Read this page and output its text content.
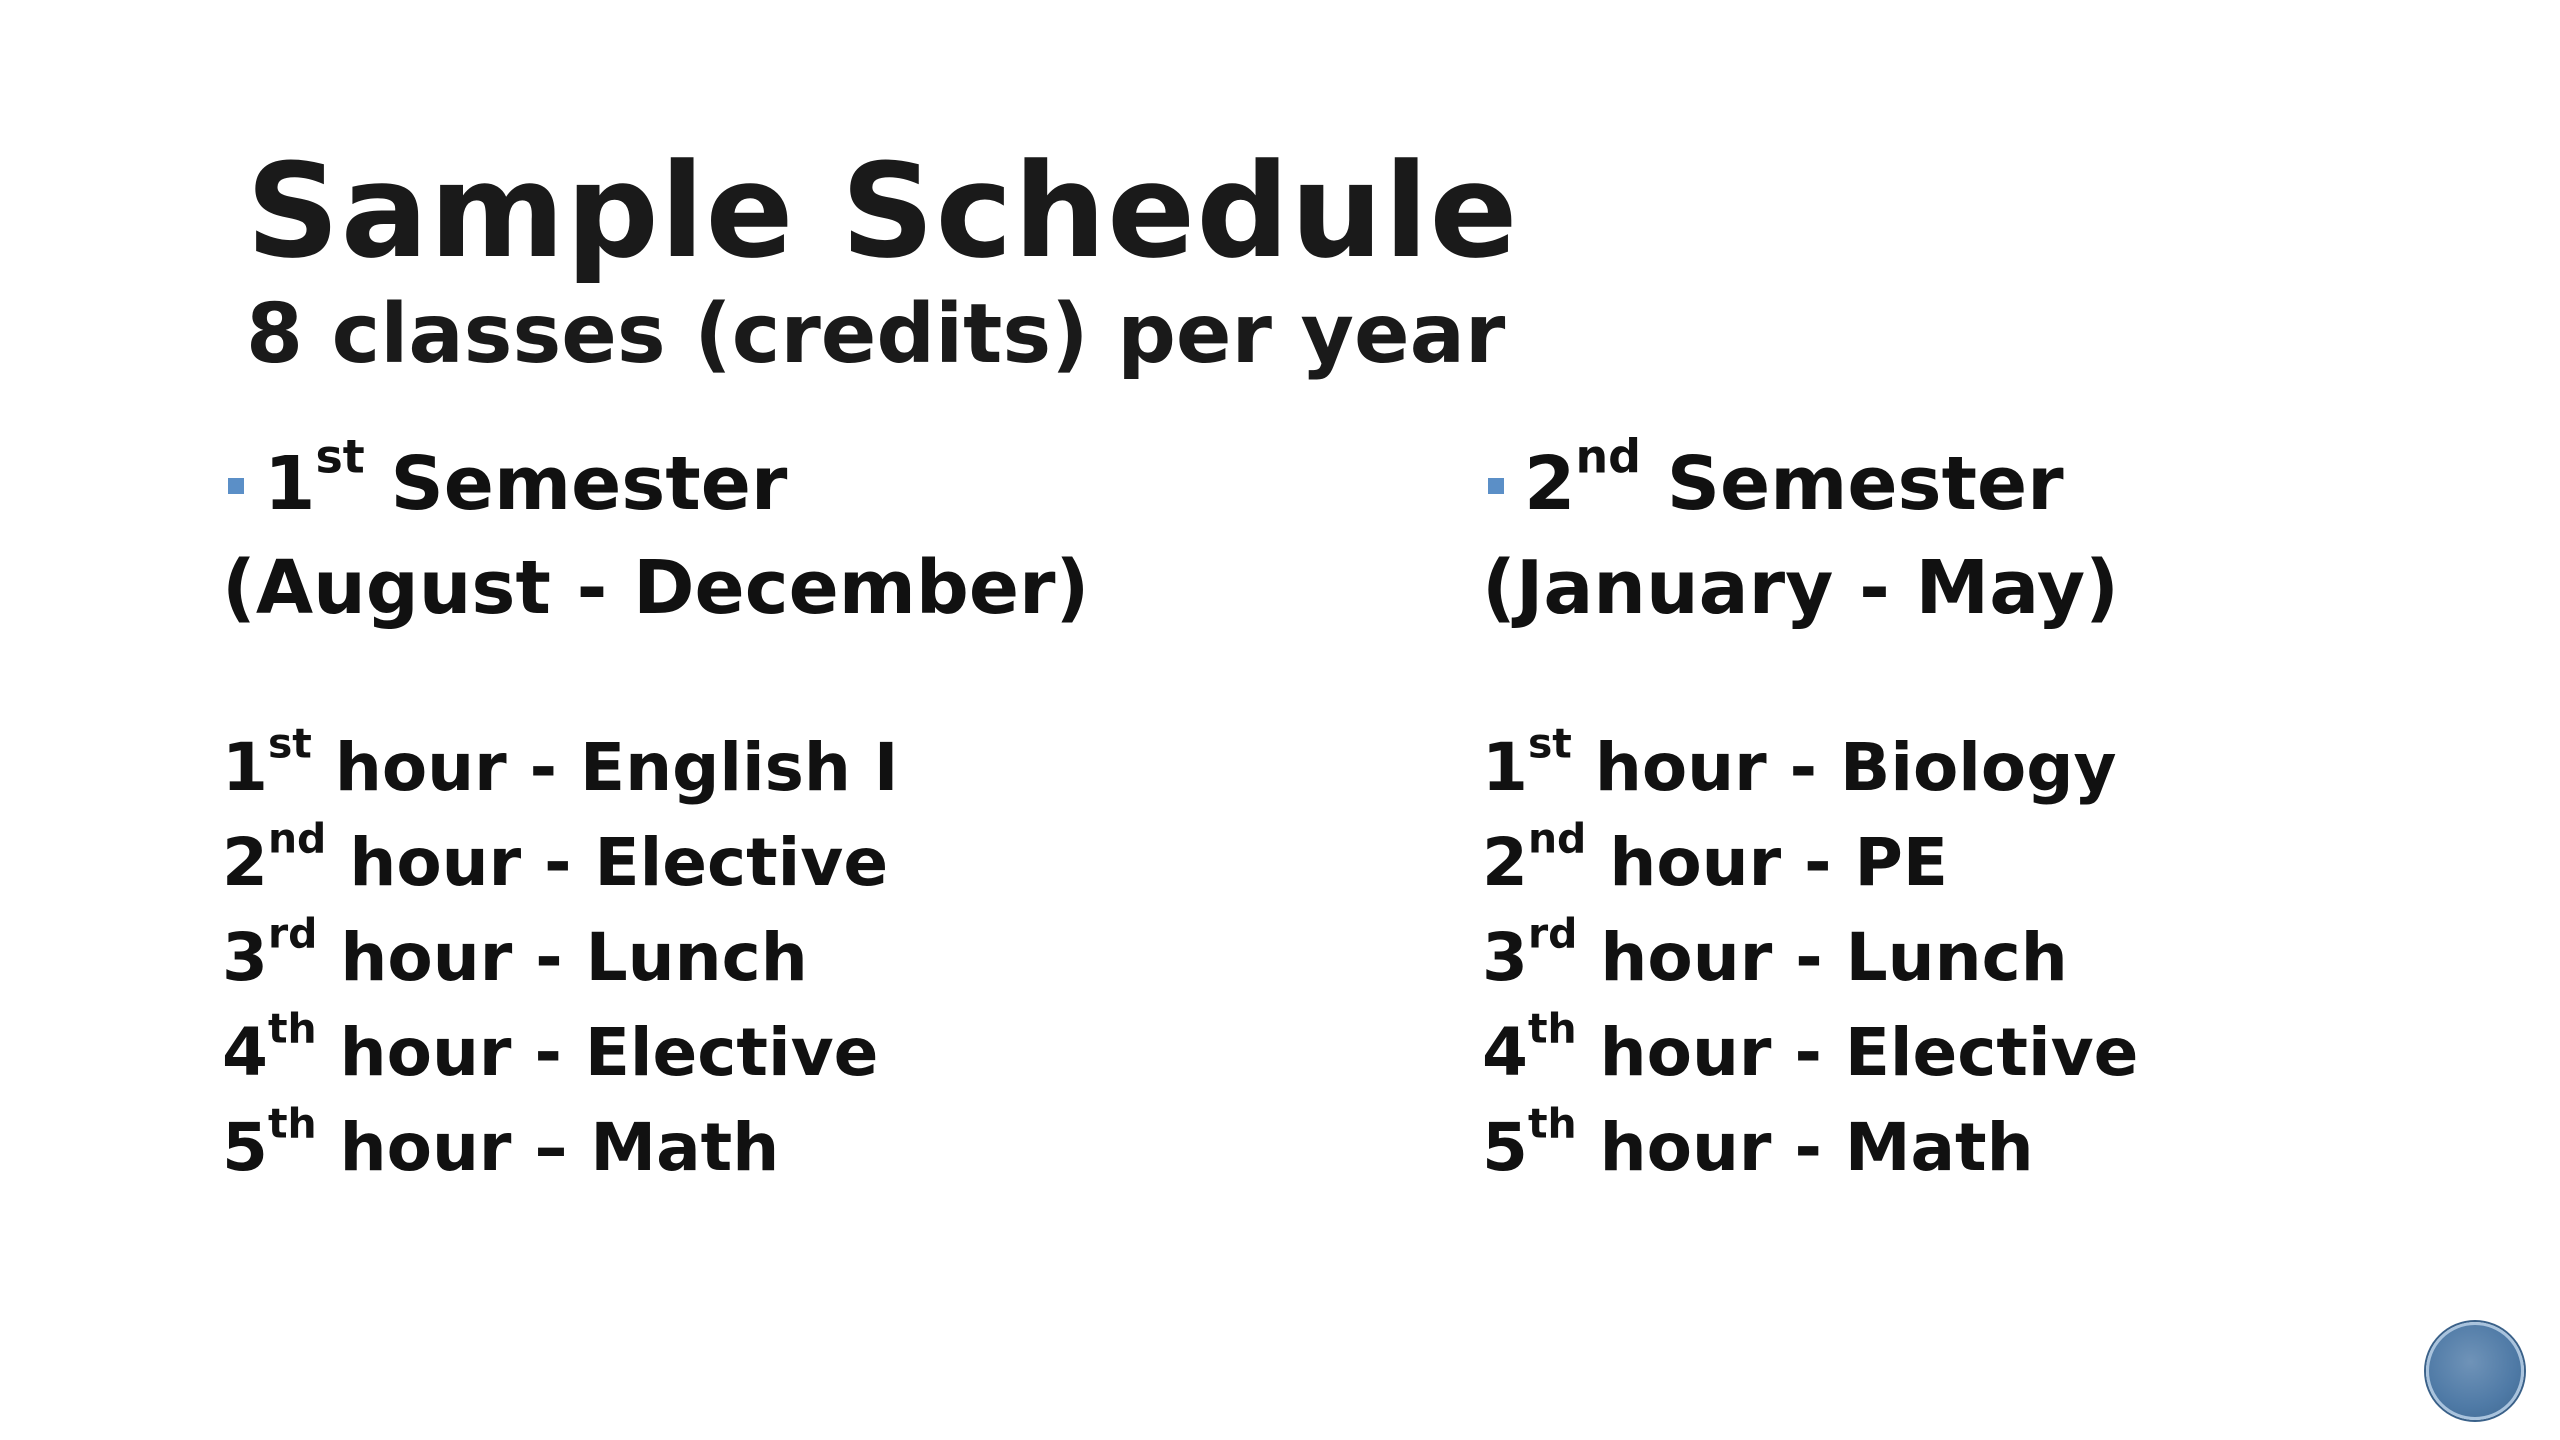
Sample Schedule
8 classes (credits) per year
1st Semester
(August - December)
1st hour - English I
2nd hour - Elective
3rd hour - Lunch
4th hour - Elective
5th hour – Math
2nd Semester
(January - May)
1st hour - Biology
2nd hour - PE
3rd hour - Lunch
4th hour - Elective
5th hour - Math
